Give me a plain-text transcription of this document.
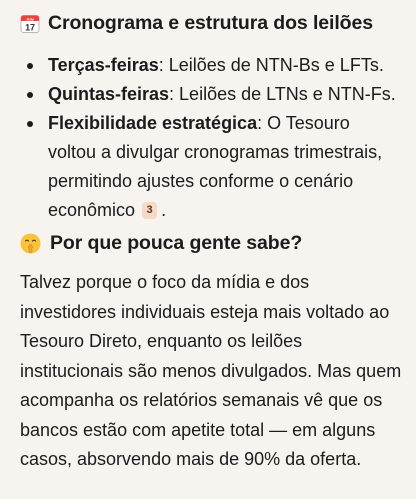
July
17 Cronograma e estrutura dos leilões
Terças-feiras: Leilões de NTN-Bs e LFTs.
Quintas-feiras: Leilões de LTNs e NTN-Fs.
Flexibilidade estratégica: O Tesouro voltou a divulgar cronogramas trimestrais, permitindo ajustes conforme o cenário econômico 3 .
Por que pouca gente sabe?
Talvez porque o foco da mídia e dos investidores individuais esteja mais voltado ao Tesouro Direto, enquanto os leilões institucionais são menos divulgados. Mas quem acompanha os relatórios semanais vê que os bancos estão com apetite total — em alguns casos, absorvendo mais de 90% da oferta.
